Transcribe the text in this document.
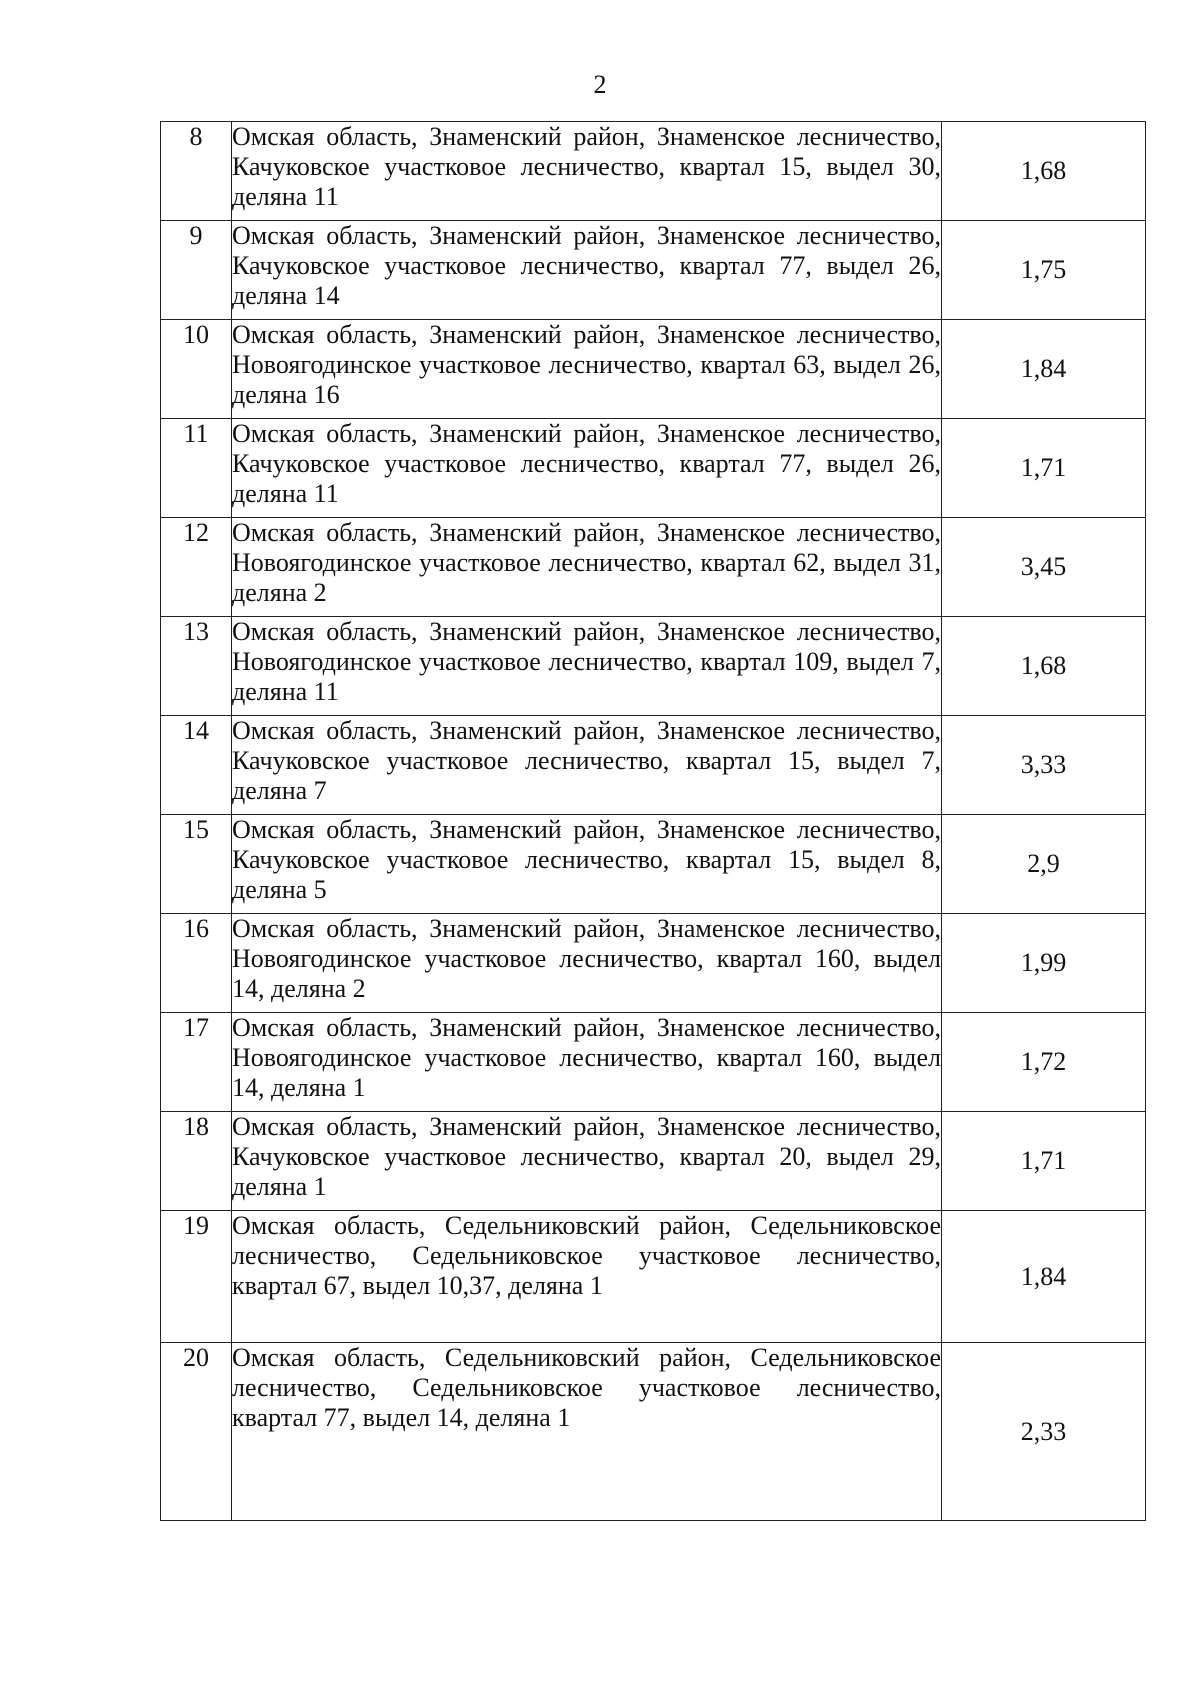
2
8	Омская область, Знаменский район, Знаменское лесничество, Качуковское участковое лесничество, квартал 15, выдел 30, деляна 11	1,68
9	Омская область, Знаменский район, Знаменское лесничество, Качуковское участковое лесничество, квартал 77, выдел 26, деляна 14	1,75
10	Омская область, Знаменский район, Знаменское лесничество, Новоягодинское участковое лесничество, квартал 63, выдел 26, деляна 16	1,84
11	Омская область, Знаменский район, Знаменское лесничество, Качуковское участковое лесничество, квартал 77, выдел 26, деляна 11	1,71
12	Омская область, Знаменский район, Знаменское лесничество, Новоягодинское участковое лесничество, квартал 62, выдел 31, деляна 2	3,45
13	Омская область, Знаменский район, Знаменское лесничество, Новоягодинское участковое лесничество, квартал 109, выдел 7, деляна 11	1,68
14	Омская область, Знаменский район, Знаменское лесничество, Качуковское участковое лесничество, квартал 15, выдел 7, деляна 7	3,33
15	Омская область, Знаменский район, Знаменское лесничество, Качуковское участковое лесничество, квартал 15, выдел 8, деляна 5	2,9
16	Омская область, Знаменский район, Знаменское лесничество, Новоягодинское участковое лесничество, квартал 160, выдел 14, деляна 2	1,99
17	Омская область, Знаменский район, Знаменское лесничество, Новоягодинское участковое лесничество, квартал 160, выдел 14, деляна 1	1,72
18	Омская область, Знаменский район, Знаменское лесничество, Качуковское участковое лесничество, квартал 20, выдел 29, деляна 1	1,71
19	Омская область, Седельниковский район, Седельниковское лесничество, Седельниковское участковое лесничество, квартал 67, выдел 10,37, деляна 1	1,84
20	Омская область, Седельниковский район, Седельниковское лесничество, Седельниковское участковое лесничество, квартал 77, выдел 14, деляна 1	2,33
